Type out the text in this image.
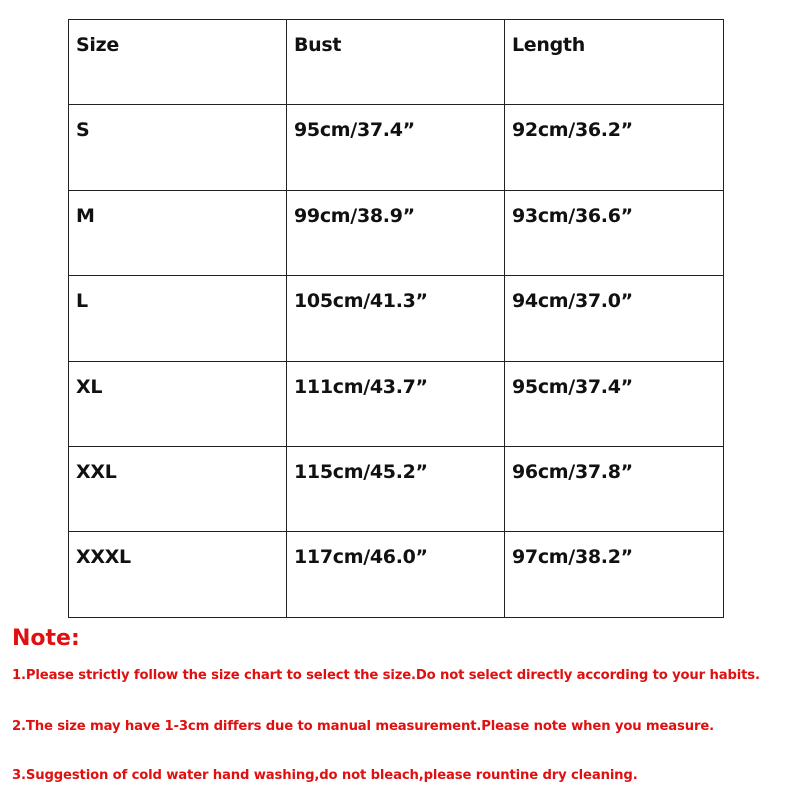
Size	Bust	Length
S	95cm/37.4”	92cm/36.2”
M	99cm/38.9”	93cm/36.6”
L	105cm/41.3”	94cm/37.0”
XL	111cm/43.7”	95cm/37.4”
XXL	115cm/45.2”	96cm/37.8”
XXXL	117cm/46.0”	97cm/38.2”

Note:

1.Please strictly follow the size chart to select the size.Do not select directly according to your habits.

2.The size may have 1-3cm differs due to manual measurement.Please note when you measure.

3.Suggestion of cold water hand washing,do not bleach,please rountine dry cleaning.
